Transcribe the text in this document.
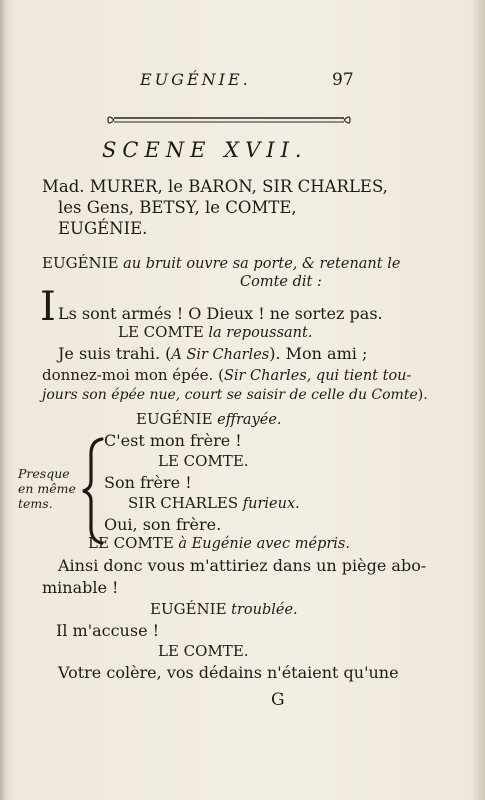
EUGÉNIE.	97
SCENE XVII.
Mad. MURER, le BARON, SIR CHARLES,
les Gens, BETSY, le COMTE,
EUGÉNIE.
EUGÉNIE au bruit ouvre sa porte, & retenant le
Comte dit :
I Ls sont armés ! O Dieux ! ne sortez pas.
LE COMTE la repoussant.
Je suis trahi. (A Sir Charles). Mon ami ;
donnez-moi mon épée. (Sir Charles, qui tient tou-
jours son épée nue, court se saisir de celle du Comte).
Presque en même tems.
EUGÉNIE effrayée.
C'est mon frère !
LE COMTE.
Son frère !
SIR CHARLES furieux.
Oui, son frère.
LE COMTE à Eugénie avec mépris.
Ainsi donc vous m'attiriez dans un piège abo-
minable !
EUGÉNIE troublée.
Il m'accuse !
LE COMTE.
Votre colère, vos dédains n'étaient qu'une
G
